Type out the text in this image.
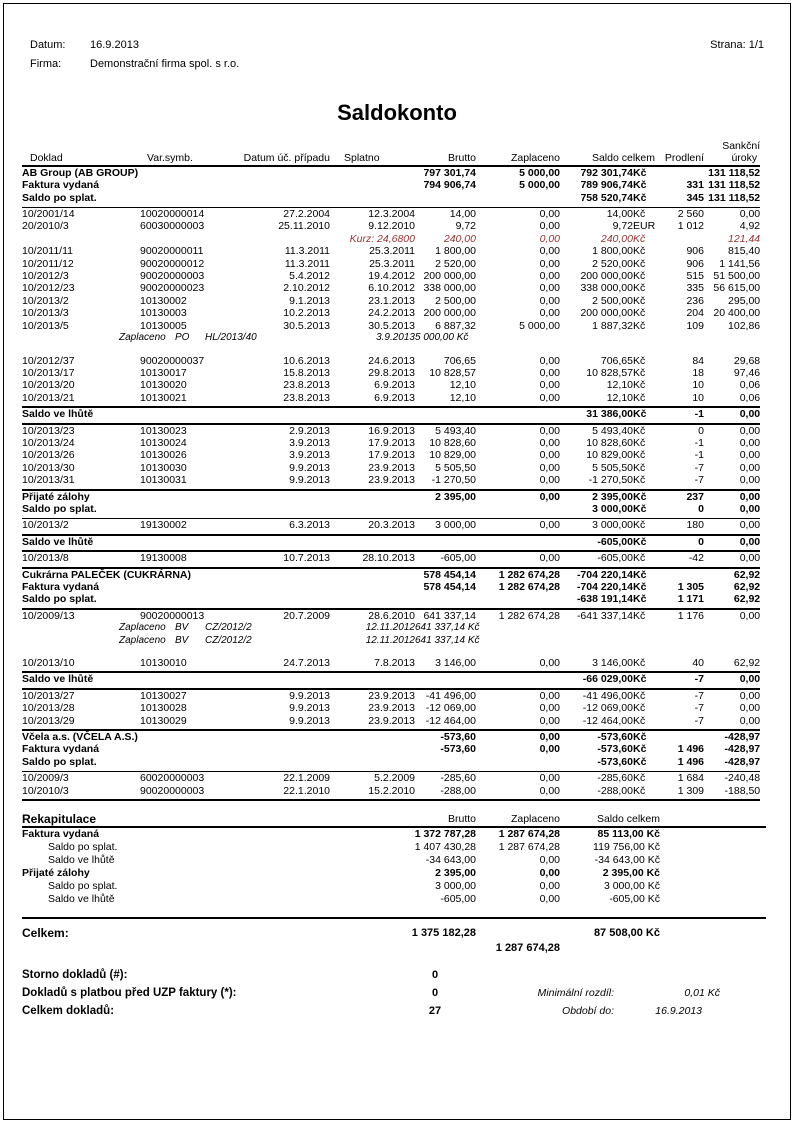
Datum: 16.9.2013	Strana: 1/1
Firma:	Demonstrační firma spol. s r.o.
Saldokonto
Sankční									
Doklad	Var.symb.	Datum úč. případu	Splatno	Brutto	Zaplaceno	Saldo celkem		Prodlení	úroky
AB Group (AB GROUP)				797 301,74	5 000,00	792 301,74	Kč		131 118,52
Faktura vydaná				794 906,74	5 000,00	789 906,74	Kč	331	131 118,52
Saldo po splat.						758 520,74	Kč	345	131 118,52

10/2001/14	10020000014	27.2.2004	12.3.2004	14,00	0,00	14,00	Kč	2 560	0,00
20/2010/3	60030000003	25.11.2010	9.12.2010	9,72	0,00	9,72	EUR	1 012	4,92
		Kurz: 24,6800		240,00	0,00	240,00	Kč		121,44
10/2011/11	90020000011	11.3.2011	25.3.2011	1 800,00	0,00	1 800,00	Kč	906	815,40
10/2011/12	90020000012	11.3.2011	25.3.2011	2 520,00	0,00	2 520,00	Kč	906	1 141,56
10/2012/3	90020000003	5.4.2012	19.4.2012	200 000,00	0,00	200 000,00	Kč	515	51 500,00
10/2012/23	90020000023	2.10.2012	6.10.2012	338 000,00	0,00	338 000,00	Kč	335	56 615,00
10/2013/2	10130002	9.1.2013	23.1.2013	2 500,00	0,00	2 500,00	Kč	236	295,00
10/2013/3	10130003	10.2.2013	24.2.2013	200 000,00	0,00	200 000,00	Kč	204	20 400,00
10/2013/5	10130005	30.5.2013	30.5.2013	6 887,32	5 000,00	1 887,32	Kč	109	102,86

Zaplaceno PO HL/2013/40 3.9.2013				5 000,00 Kč					

10/2012/37	90020000037	10.6.2013	24.6.2013	706,65	0,00	706,65	Kč	84	29,68
10/2013/17	10130017	15.8.2013	29.8.2013	10 828,57	0,00	10 828,57	Kč	18	97,46
10/2013/20	10130020	23.8.2013	6.9.2013	12,10	0,00	12,10	Kč	10	0,06
10/2013/21	10130021	23.8.2013	6.9.2013	12,10	0,00	12,10	Kč	10	0,06

Saldo ve lhůtě						31 386,00	Kč	-1	0,00

10/2013/23	10130023	2.9.2013	16.9.2013	5 493,40	0,00	5 493,40	Kč	0	0,00
10/2013/24	10130024	3.9.2013	17.9.2013	10 828,60	0,00	10 828,60	Kč	-1	0,00
10/2013/26	10130026	3.9.2013	17.9.2013	10 829,00	0,00	10 829,00	Kč	-1	0,00
10/2013/30	10130030	9.9.2013	23.9.2013	5 505,50	0,00	5 505,50	Kč	-7	0,00
10/2013/31	10130031	9.9.2013	23.9.2013	-1 270,50	0,00	-1 270,50	Kč	-7	0,00

Přijaté zálohy				2 395,00	0,00	2 395,00	Kč	237	0,00
Saldo po splat.						3 000,00	Kč	0	0,00

10/2013/2	19130002	6.3.2013	20.3.2013	3 000,00	0,00	3 000,00	Kč	180	0,00

Saldo ve lhůtě						-605,00	Kč	0	0,00

10/2013/8	19130008	10.7.2013	28.10.2013	-605,00	0,00	-605,00	Kč	-42	0,00

Cukrárna PALEČEK (CUKRÁRNA)				578 454,14	1 282 674,28	-704 220,14	Kč		62,92
Faktura vydaná				578 454,14	1 282 674,28	-704 220,14	Kč	1 305	62,92
Saldo po splat.						-638 191,14	Kč	1 171	62,92

10/2009/13	90020000013	20.7.2009	28.6.2010	641 337,14	1 282 674,28	-641 337,14	Kč	1 176	0,00

Zaplaceno BV CZ/2012/2 12.11.2012				641 337,14 Kč					

Zaplaceno BV CZ/2012/2 12.11.2012				641 337,14 Kč					

10/2013/10	10130010	24.7.2013	7.8.2013	3 146,00	0,00	3 146,00	Kč	40	62,92

Saldo ve lhůtě						-66 029,00	Kč	-7	0,00

10/2013/27	10130027	9.9.2013	23.9.2013	-41 496,00	0,00	-41 496,00	Kč	-7	0,00
10/2013/28	10130028	9.9.2013	23.9.2013	-12 069,00	0,00	-12 069,00	Kč	-7	0,00
10/2013/29	10130029	9.9.2013	23.9.2013	-12 464,00	0,00	-12 464,00	Kč	-7	0,00

Včela a.s. (VČELA A.S.)				-573,60	0,00	-573,60	Kč		-428,97
Faktura vydaná				-573,60	0,00	-573,60	Kč	1 496	-428,97
Saldo po splat.						-573,60	Kč	1 496	-428,97

10/2009/3	60020000003	22.1.2009	5.2.2009	-285,60	0,00	-285,60	Kč	1 684	-240,48
10/2010/3	90020000003	22.1.2010	15.2.2010	-288,00	0,00	-288,00	Kč	1 309	-188,50

Rekapitulace	Brutto	Zaplaceno	Saldo celkem	
Faktura vydaná	1 372 787,28	1 287 674,28	85 113,00 Kč	
Saldo po splat.	1 407 430,28	1 287 674,28	119 756,00 Kč	
Saldo ve lhůtě	-34 643,00	0,00	-34 643,00 Kč	
Přijaté zálohy	2 395,00	0,00	2 395,00 Kč	
Saldo po splat.	3 000,00	0,00	3 000,00 Kč	
Saldo ve lhůtě	-605,00	0,00	-605,00 Kč	

Celkem:	1 375 182,28		87 508,00 Kč	
		1 287 674,28		
Storno dokladů (#):	0			
Dokladů s platbou před UZP faktury (*):	0	Minimální rozdíl:	0,01 Kč	
Celkem dokladů:	27	Období do:	16.9.2013	
